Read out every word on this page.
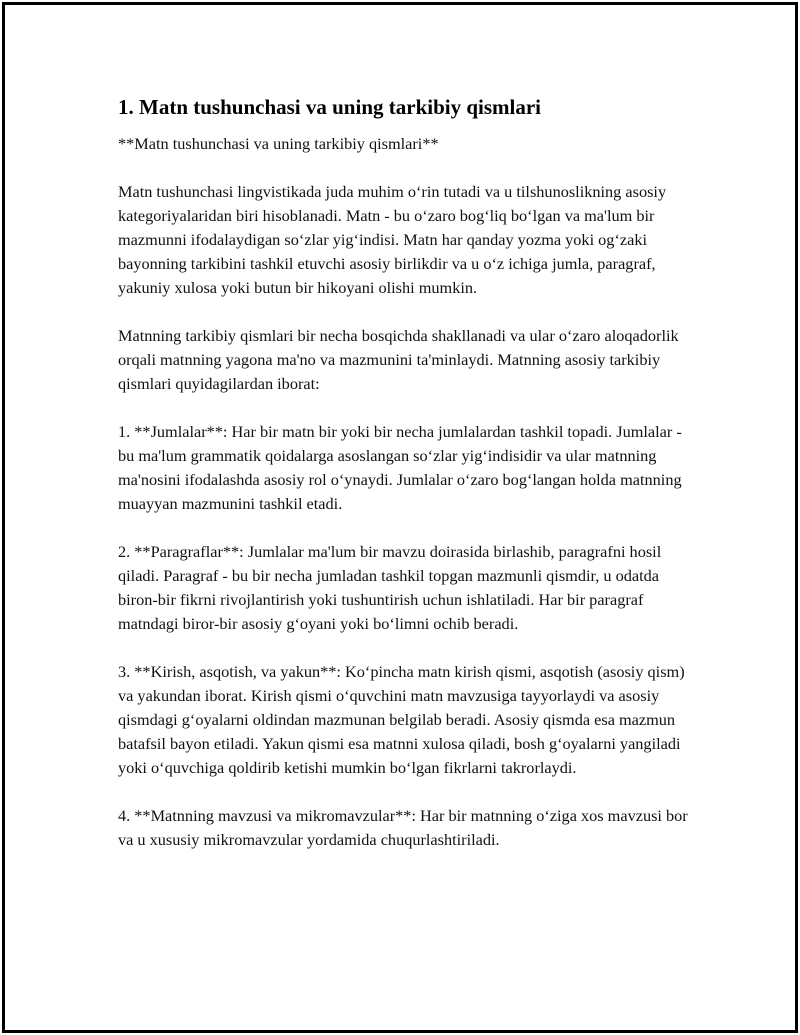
1. Matn tushunchasi va uning tarkibiy qismlari

**Matn tushunchasi va uning tarkibiy qismlari**

Matn tushunchasi lingvistikada juda muhim o‘rin tutadi va u tilshunoslikning asosiy kategoriyalaridan biri hisoblanadi. Matn - bu o‘zaro bog‘liq bo‘lgan va ma'lum bir mazmunni ifodalaydigan so‘zlar yig‘indisi. Matn har qanday yozma yoki og‘zaki bayonning tarkibini tashkil etuvchi asosiy birlikdir va u o‘z ichiga jumla, paragraf, yakuniy xulosa yoki butun bir hikoyani olishi mumkin.

Matnning tarkibiy qismlari bir necha bosqichda shakllanadi va ular o‘zaro aloqadorlik orqali matnning yagona ma'no va mazmunini ta'minlaydi. Matnning asosiy tarkibiy qismlari quyidagilardan iborat:

1. **Jumlalar**: Har bir matn bir yoki bir necha jumlalardan tashkil topadi. Jumlalar - bu ma'lum grammatik qoidalarga asoslangan so‘zlar yig‘indisidir va ular matnning ma'nosini ifodalashda asosiy rol o‘ynaydi. Jumlalar o‘zaro bog‘langan holda matnning muayyan mazmunini tashkil etadi.

2. **Paragraflar**: Jumlalar ma'lum bir mavzu doirasida birlashib, paragrafni hosil qiladi. Paragraf - bu bir necha jumladan tashkil topgan mazmunli qismdir, u odatda biron-bir fikrni rivojlantirish yoki tushuntirish uchun ishlatiladi. Har bir paragraf matndagi biror-bir asosiy g‘oyani yoki bo‘limni ochib beradi.

3. **Kirish, asqotish, va yakun**: Ko‘pincha matn kirish qismi, asqotish (asosiy qism) va yakundan iborat. Kirish qismi o‘quvchini matn mavzusiga tayyorlaydi va asosiy qismdagi g‘oyalarni oldindan mazmunan belgilab beradi. Asosiy qismda esa mazmun batafsil bayon etiladi. Yakun qismi esa matnni xulosa qiladi, bosh g‘oyalarni yangiladi yoki o‘quvchiga qoldirib ketishi mumkin bo‘lgan fikrlarni takrorlaydi.

4. **Matnning mavzusi va mikromavzular**: Har bir matnning o‘ziga xos mavzusi bor va u xususiy mikromavzular yordamida chuqurlashtiriladi.
